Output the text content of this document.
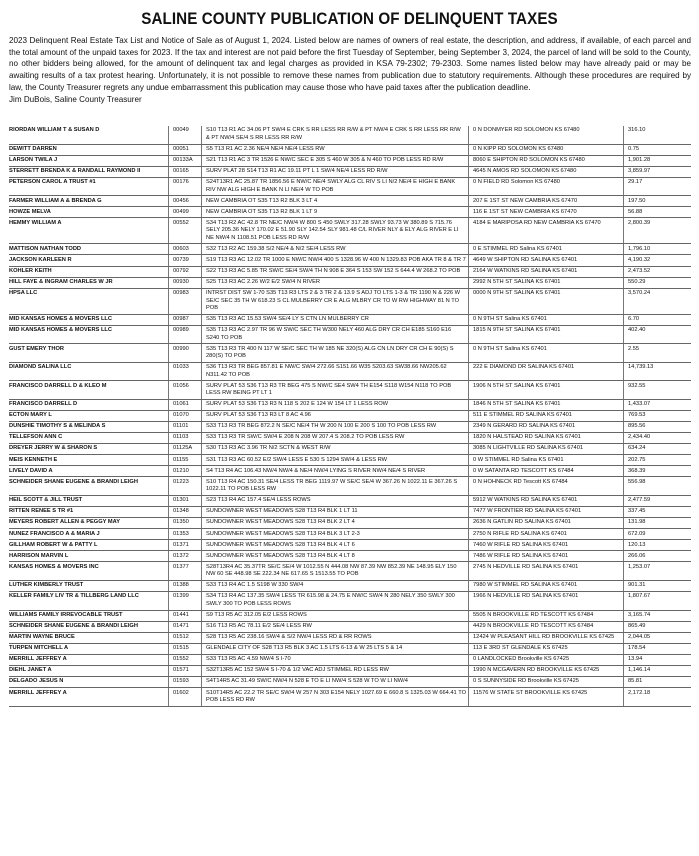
SALINE COUNTY PUBLICATION OF DELINQUENT TAXES
2023 Delinquent Real Estate Tax List and Notice of Sale as of August 1, 2024. Listed below are names of owners of real estate, the description, and address, if available, of each parcel and the total amount of the unpaid taxes for 2023. If the tax and interest are not paid before the first Tuesday of September, being September 3, 2024, the parcel of land will be sold to the County, no other bidders being allowed, for the amount of delinquent tax and legal charges as provided in KSA 79-2302; 79-2303. Some names listed below may have already paid or may be awaiting results of a tax protest hearing. Unfortunately, it is not possible to remove these names from publication due to statutory requirements. Although these procedures are required by law, the County Treasurer regrets any undue embarrassment this publication may cause those who have paid taxes after the publication deadline.
Jim DuBois, Saline County Treasurer
RIORDAN WILLIAM T & SUSAN D	00049	S10 T13 R1 AC 34.06 PT SW/4 E CRK S RR LESS RR R/W & PT NW/4 E CRK S RR LESS RR R/W & PT NW/4 SE/4 S RR LESS RR R/W	0 N DONMYER RD SOLOMON KS 67480	316.10
DEWITT DARREN	00051	S5 T13 R1 AC 2.36 NE/4 NE/4 NE/4 LESS RW	0 N KIPP RD SOLOMON KS 67480	0.75
LARSON TWILA J	00133A	S21 T13 R1 AC 3 TR 1526 E NW/C SEC E 305 S 460 W 305 & N 460 TO POB LESS RD R/W	8060 E SHIPTON RD SOLOMON KS 67480	1,901.28
STERRETT BRENDA K & RANDALL RAYMOND II	00165	SURV PLAT 28 S14 T13 R1 AC 19.11 PT L 1 SW/4 NE/4 LESS RD R/W	4645 N AMOS RD SOLOMON KS 67480	3,859.97
PETERSON CAROL A TRUST #1	00176	S24T13R1 AC 25.87 TR 1856.56 E NW/C NE/4 SWLY ALG CL RIV S LI N/2 NE/4 E HIGH E BANK RIV NW ALG HIGH E BANK N LI NE/4 W TO POB	0 N FIELD RD Solomon KS 67480	29.17
FARMER WILLIAM A & BRENDA G	00456	NEW CAMBRIA OT S35 T13 R2 BLK 3 LT 4	207 E 1ST ST NEW CAMBRIA KS 67470	197.50
HOWZE MELVA	00499	NEW CAMBRIA OT S35 T13 R2 BLK 1 LT 9	116 E 1ST ST NEW CAMBRIA KS 67470	56.88
HEMMY WILLIAM A	00552	S34 T13 R2 AC 42.8 TR NE/C NW/4 W 800 S 450 SWLY 317.28 SWLY 93.73 W 380.89 S 715.76 SELY 205.36 NELY 170.02 E 51.90 SLY 142.54 SLY 981.48 C/L RIVER NLY & ELY ALG RIVER E LI NE NW/4 N 1108.51 POB LESS RD R/W	4184 E MARIPOSA RD NEW CAMBRIA KS 67470	2,800.39
MATTISON NATHAN TODD	00603	S32 T13 R2 AC 159.38 S/2 NE/4 & N/2 SE/4 LESS RW	0 E STIMMEL RD Salina KS 67401	1,796.10
JACKSON KARLEEN R	00739	S19 T13 R3 AC 12.02 TR 1000 E NW/C NW/4 400 S 1328.96 W 400 N 1329.83 POB AKA TR 8 & TR 7	4649 W SHIPTON RD SALINA KS 67401	4,190.32
KOHLER KEITH	00792	S22 T13 R3 AC 5.85 TR SW/C SE/4 SW/4 TH N 908 E 364 S 153 SW 152 S 644.4 W 268.2 TO POB	2164 W WATKINS RD SALINA KS 67401	2,473.52
HILL FAYE & INGRAM CHARLES W JR	00930	S25 T13 R3 AC 2.26 W/2 E/2 SW/4 N RIVER	2992 N 5TH ST SALINA KS 67401	550.29
HPSA LLC	00983	INTRST DIST SW 1-70 S35 T13 R3 LTS 2 & 3 TR 2 & 13.9 S ADJ TO LTS 1-3 & TR 1190 N & 226 W SE/C SEC 35 TH W 618.23 S CL MULBERRY CR E ALG MLBRY CR TO W RW HIGHWAY 81 N TO POB	0000 N 9TH ST SALINA KS 67401	3,570.24
MID KANSAS HOMES & MOVERS LLC	00987	S35 T13 R3 AC 15.53 SW/4 SE/4 LY S CTN LN MULBERRY CR	0 N 9TH ST Salina KS 67401	6.70
MID KANSAS HOMES & MOVERS LLC	00989	S35 T13 R3 AC 2.97 TR 96 W SW/C SEC TH W300 NELY 460 ALG DRY CR CH E185 S160 E16 S240 TO POB	1815 N 9TH ST SALINA KS 67401	402.40
GUST EMERY THOR	00990	S35 T13 R3 TR 400 N 117 W SE/C SEC TH W 185 NE 320(S) ALG CN LN DRY CR CH E 90(S) S 280(S) TO POB	0 N 9TH ST Salina KS 67401	2.55
DIAMOND SALINA LLC	01033	S36 T13 R3 TR BEG 857.81 E NW/C SW/4 272.66 S151.66 W35 S203.63 SW38.66 NW205.62 N311.42 TO POB	222 E DIAMOND DR SALINA KS 67401	14,739.13
FRANCISCO DARRELL D & KLEO M	01056	SURV PLAT 53 S36 T13 R3 TR BEG 475 S NW/C SE4 SW4 TH E154 S118 W154 N118 TO POB LESS RW BEING PT LT 1	1906 N 5TH ST SALINA KS 67401	932.55
FRANCISCO DARRELL D	01061	SURV PLAT 53 S36 T13 R3 N 118 S 202 E 124 W 154 LT 1 LESS ROW	1846 N 5TH ST SALINA KS 67401	1,433.07
ECTON MARY L	01070	SURV PLAT 53 S36 T13 R3 LT 8 AC 4.96	511 E STIMMEL RD SALINA KS 67401	769.53
DUNSHIE TIMOTHY S & MELINDA S	01101	S33 T13 R3 TR BEG 872.2 N SE/C NE/4 TH W 200 N 100 E 200 S 100 TO POB LESS RW	2349 N GERARD RD SALINA KS 67401	895.56
TELLEFSON ANN C	01103	S33 T13 R3 TR SW/C SW/4 E 208 N 208 W 207.4 S 208.2 TO POB LESS RW	1820 N HALSTEAD RD SALINA KS 67401	2,434.40
DREYER JERRY W & SHARON S	01125A	S30 T13 R3 AC 3.96 TR N/2 SCTN & WEST R/W	3085 N LIGHTVILLE RD SALINA KS 67401	634.24
MEIS KENNETH E	01155	S31 T13 R3 AC 60.52 E/2 SW/4 LESS E 530 S 1294 SW/4 & LESS RW	0 W STIMMEL RD Salina KS 67401	202.75
LIVELY DAVID A	01210	S4 T13 R4 AC 106.43 NW/4 NW/4 & NE/4 NW/4 LYING S RIVER NW/4 NE/4 S RIVER	0 W SATANTA RD TESCOTT KS 67484	368.39
SCHNEIDER SHANE EUGENE & BRANDI LEIGH	01223	S10 T13 R4 AC 150.31 SE/4 LESS TR BEG 1119.97 W SE/C SE/4 W 367.26 N 1022.11 E 367.26 S 1022.11 TO POB LESS RW	0 N HOHNECK RD Tescott KS 67484	556.98
HEIL SCOTT & JILL TRUST	01301	S23 T13 R4 AC 157.4 SE/4 LESS ROWS	5912 W WATKINS RD SALINA KS 67401	2,477.59
RITTEN RENEE S TR #1	01348	SUNDOWNER WEST MEADOWS S28 T13 R4 BLK 1 LT 11	7477 W FRONTIER RD SALINA KS 67401	337.45
MEYERS ROBERT ALLEN & PEGGY MAY	01350	SUNDOWNER WEST MEADOWS S28 T13 R4 BLK 2 LT 4	2636 N GATLIN RD SALINA KS 67401	131.98
NUNEZ FRANCISCO A & MARIA J	01353	SUNDOWNER WEST MEADOWS S28 T13 R4 BLK 3 LT 2-3	2750 N RIFLE RD SALINA KS 67401	672.09
GILLHAM ROBERT W & PATTY L	01371	SUNDOWNER WEST MEADOWS S28 T13 R4 BLK 4 LT 6	7460 W RIFLE RD SALINA KS 67401	120.13
HARRISON MARVIN L	01372	SUNDOWNER WEST MEADOWS S28 T13 R4 BLK 4 LT 8	7486 W RIFLE RD SALINA KS 67401	266.06
KANSAS HOMES & MOVERS INC	01377	S28T13R4 AC 35.37TR SE/C SE/4 W 1012.55 N 444.08 NW 87.39 NW 852.39 NE 148.95 ELY 150 NW 60 SE 448.98 SE 222.34 NE 617.65 S 1513.55 TO POB	2745 N HEDVILLE RD SALINA KS 67401	1,253.07
LUTHER KIMBERLY TRUST	01388	S33 T13 R4 AC 1.5 S198 W 330 SW/4	7980 W STIMMEL RD SALINA KS 67401	901.31
KELLER FAMILY LIV TR & TILLBERG LAND LLC	01399	S34 T13 R4 AC 137.35 SW/4 LESS TR 615.98 & 24.75 E NW/C SW/4 N 280 NELY 350 SWLY 300 SWLY 300 TO POB LESS ROWS	1966 N HEDVILLE RD SALINA KS 67401	1,807.67
WILLIAMS FAMILY IRREVOCABLE TRUST	01441	S9 T13 R5 AC 312.05 E/2 LESS ROWS	5505 N BROOKVILLE RD TESCOTT KS 67484	3,165.74
SCHNEIDER SHANE EUGENE & BRANDI LEIGH	01471	S16 T13 R5 AC 78.11 E/2 SE/4 LESS RW	4429 N BROOKVILLE RD TESCOTT KS 67484	865.49
MARTIN WAYNE BRUCE	01512	S28 T13 R5 AC 238.16 SW/4 & S/2 NW/4 LESS RD & RR ROWS	12424 W PLEASANT HILL RD BROOKVILLE KS 67425	2,044.05
TURPEN MITCHELL A	01515	GLENDALE CITY OF S28 T13 R5 BLK 3 AC 1.5 LTS 6-13 & W 25 LTS 5 & 14	113 E 3RD ST GLENDALE KS 67425	178.54
MERRILL JEFFREY A	01552	S33 T13 R5 AC 4.59 NW/4 S I-70	0 LANDLOCKED Brookville KS 67425	13.94
DIEHL JANET A	01571	S32T13R5 AC 152 SW/4 S I-70 & 1/2 VAC ADJ STIMMEL RD LESS RW	1990 N MCGAVERN RD BROOKVILLE KS 67425	1,146.14
DELGADO JESUS N	01593	S4T14R5 AC 31.49 SW/C NW/4 N 528 E TO E LI NW/4 S 528 W TO W LI NW/4	0 S SUNNYSIDE RD Brookville KS 67425	85.81
MERRILL JEFFREY A	01602	S10T14R5 AC 22.2 TR SE/C SW/4 W 257 N 303 E154 NELY 1027.69 E 660.8 S 1325.03 W 664.41 TO POB LESS RD RW	11576 W STATE ST BROOKVILLE KS 67425	2,172.18
